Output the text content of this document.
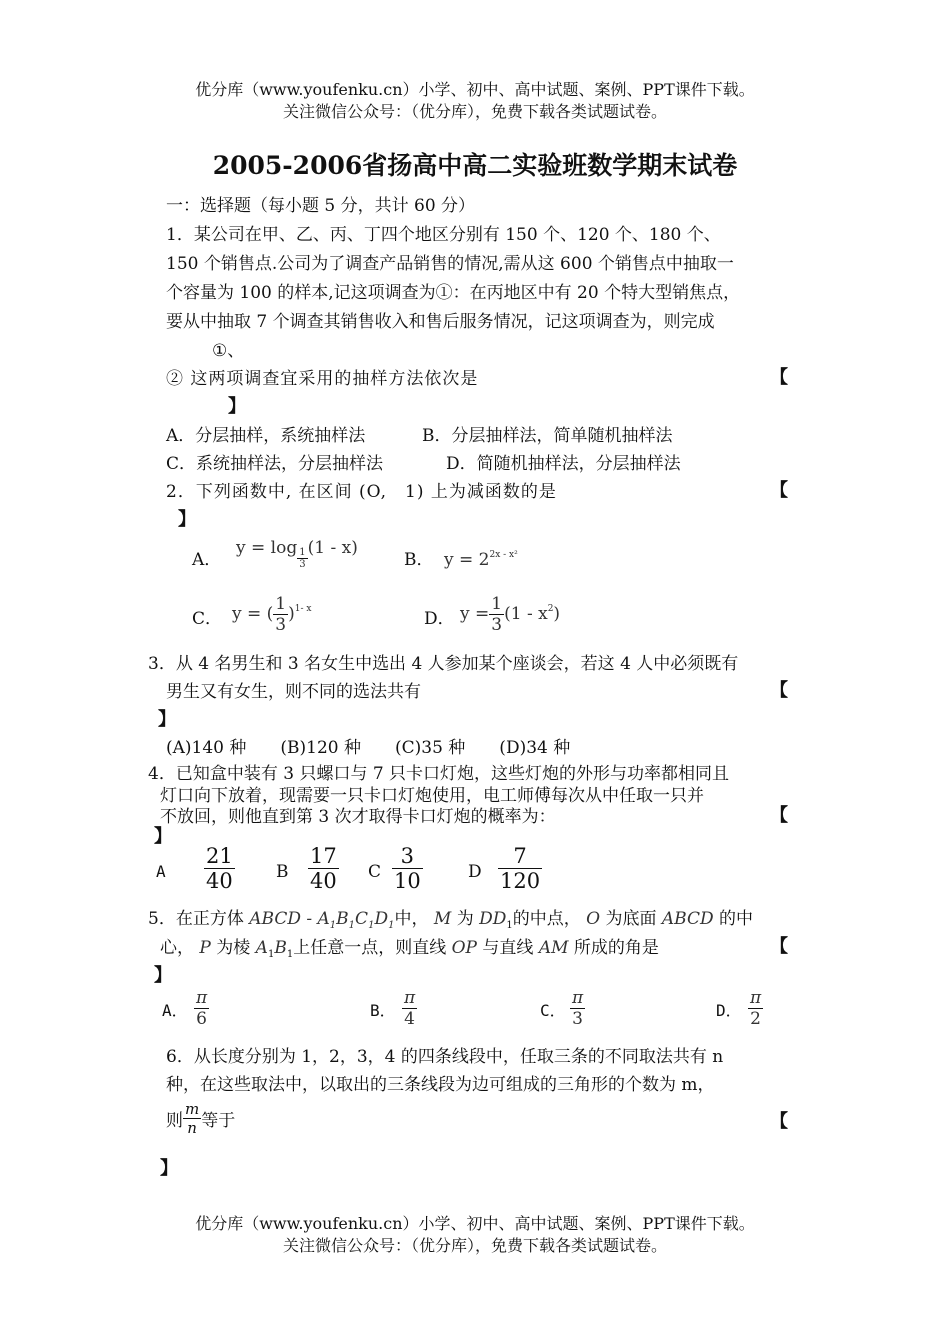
优分库（www.youfenku.cn）小学、初中、高中试题、案例、PPT课件下载。
关注微信公众号：（优分库），免费下载各类试题试卷。
2005-2006省扬高中高二实验班数学期末试卷
一：选择题（每小题 5 分，共计 60 分）
1．某公司在甲、乙、丙、丁四个地区分别有 150 个、120 个、180 个、
150 个销售点.公司为了调查产品销售的情况,需从这 600 个销售点中抽取一
个容量为 100 的样本,记这项调查为①：在丙地区中有 20 个特大型销焦点，
要从中抽取 7 个调查其销售收入和售后服务情况，记这项调查为，则完成
①、
② 这两项调查宜采用的抽样方法依次是	【
】
A．分层抽样，系统抽样法	B．分层抽样法，简单随机抽样法
C．系统抽样法，分层抽样法	D．简随机抽样法，分层抽样法
2．下列函数中, 在区间 (O,　1) 上为减函数的是	【
】
A．
$y = \log \frac{1}{3} (1 - x)$
B． $y = 2^{2x - x^2}$
C． y = ( $\frac{1}{3} )^{1- x}$	D． $y = \frac{1}{3} (1 - x^2)$
3．从 4 名男生和 3 名女生中选出 4 人参加某个座谈会，若这 4 人中必须既有
男生又有女生，则不同的选法共有	【
】
(A)140 种　　(B)120 种　　(C)35 种　　(D)34 种
4．已知盒中装有 3 只螺口与 7 只卡口灯炮，这些灯炮的外形与功率都相同且
灯口向下放着，现需要一只卡口灯炮使用，电工师傅每次从中任取一只并
不放回，则他直到第 3 次才取得卡口灯炮的概率为：	【
】
A $\frac{21}{40}$ B $\frac{17}{40}$ C $\frac{3}{10}$	D $\frac{7}{120}$
5．在正方体 ABCD - $A_1B_1C_1D_1$中， M 为 $DD_1$的中点， O 为底面 ABCD 的中
心， P 为棱 $A_1B_1$上任意一点，则直线 OP 与直线 AM 所成的角是	【
】
A． $\frac{\pi}{6}$	B． $\frac{\pi}{4}$	C． $\frac{\pi}{3}$	D． $\frac{\pi}{2}$
6．从长度分别为 1，2，3，4 的四条线段中，任取三条的不同取法共有 n
种，在这些取法中，以取出的三条线段为边可组成的三角形的个数为 m，
则 $\frac{m}{n}$ 等于	【
】
优分库（www.youfenku.cn）小学、初中、高中试题、案例、PPT课件下载。
关注微信公众号：（优分库），免费下载各类试题试卷。
